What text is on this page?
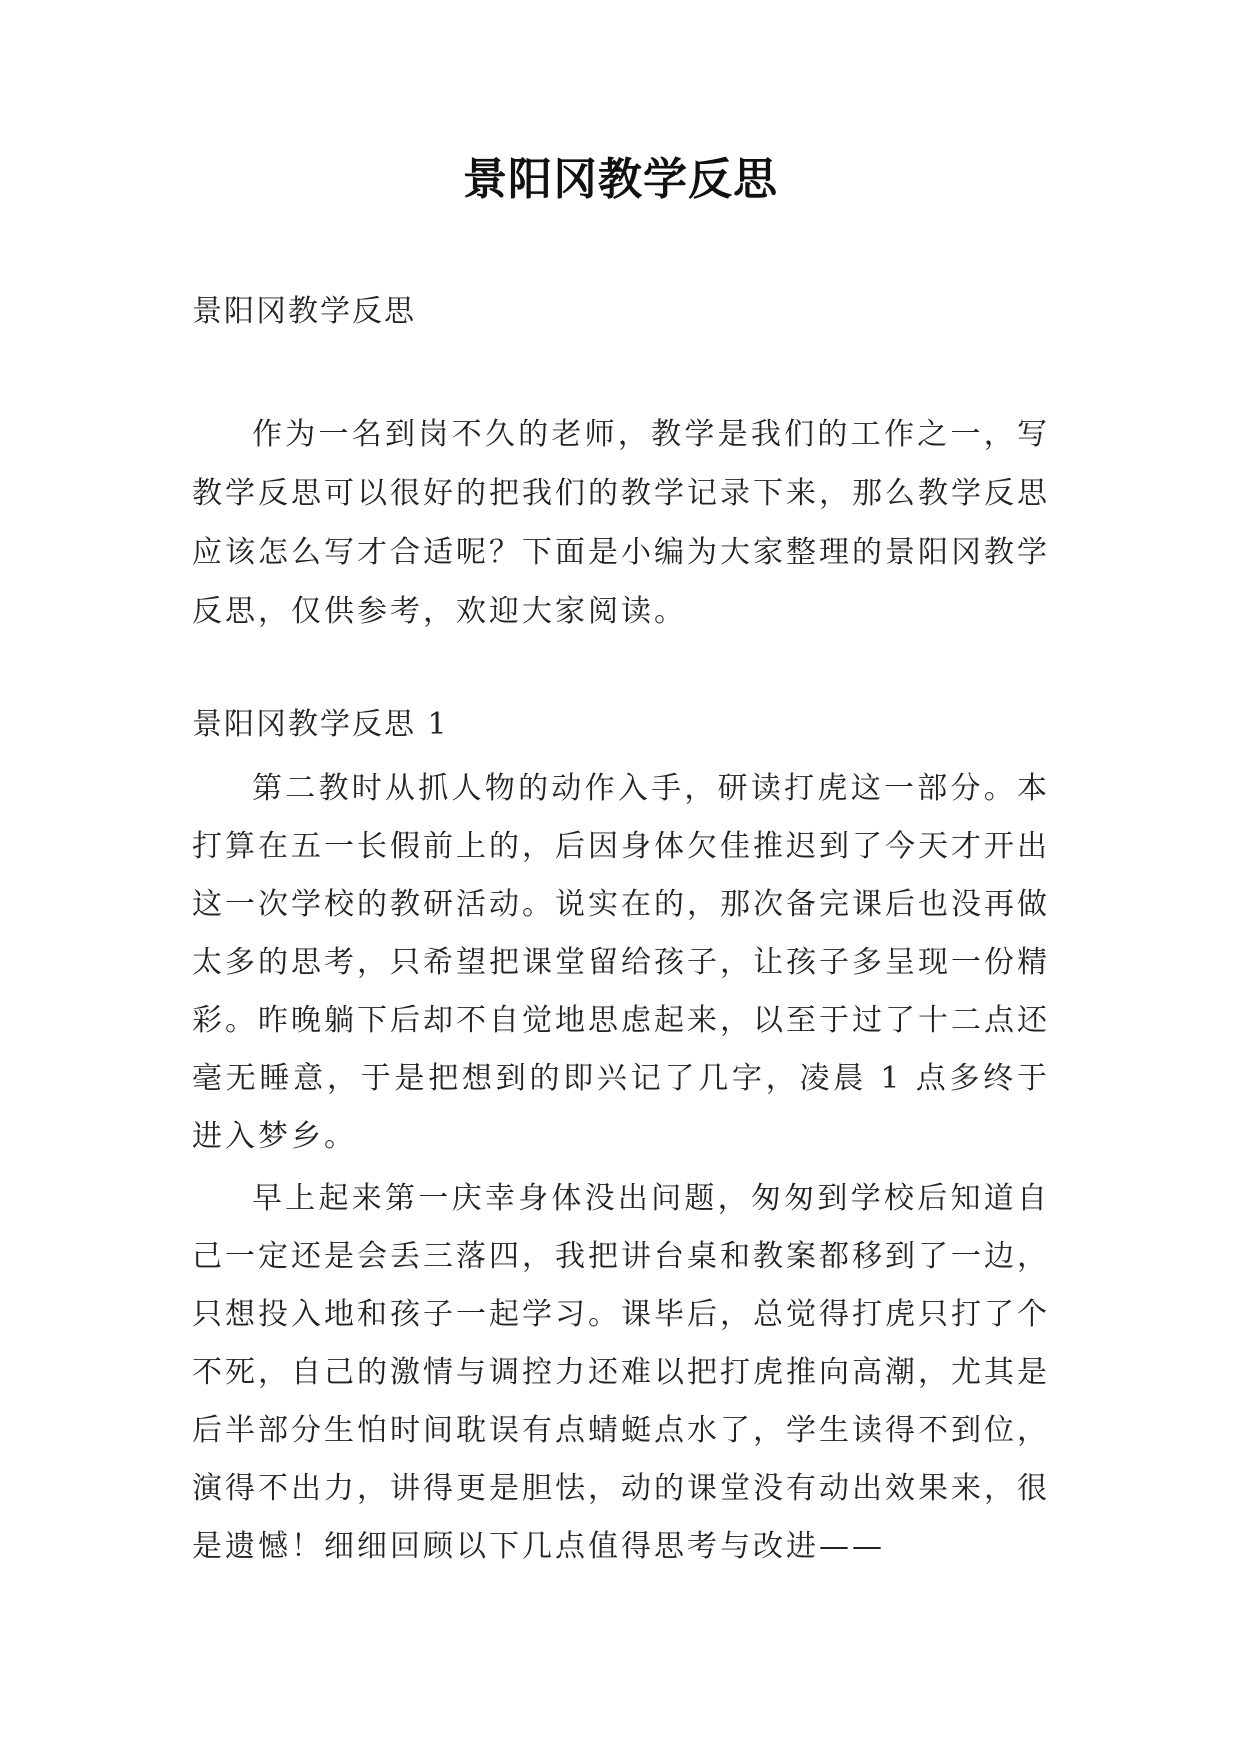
景阳冈教学反思

景阳冈教学反思

作为一名到岗不久的老师，教学是我们的工作之一，写教学反思可以很好的把我们的教学记录下来，那么教学反思应该怎么写才合适呢？下面是小编为大家整理的景阳冈教学反思，仅供参考，欢迎大家阅读。

景阳冈教学反思 1

第二教时从抓人物的动作入手，研读打虎这一部分。本打算在五一长假前上的，后因身体欠佳推迟到了今天才开出这一次学校的教研活动。说实在的，那次备完课后也没再做太多的思考，只希望把课堂留给孩子，让孩子多呈现一份精彩。昨晚躺下后却不自觉地思虑起来，以至于过了十二点还毫无睡意，于是把想到的即兴记了几字，凌晨 1 点多终于进入梦乡。

早上起来第一庆幸身体没出问题，匆匆到学校后知道自己一定还是会丢三落四，我把讲台桌和教案都移到了一边，只想投入地和孩子一起学习。课毕后，总觉得打虎只打了个不死，自己的激情与调控力还难以把打虎推向高潮，尤其是后半部分生怕时间耽误有点蜻蜓点水了，学生读得不到位，演得不出力，讲得更是胆怯，动的课堂没有动出效果来，很是遗憾！细细回顾以下几点值得思考与改进——
